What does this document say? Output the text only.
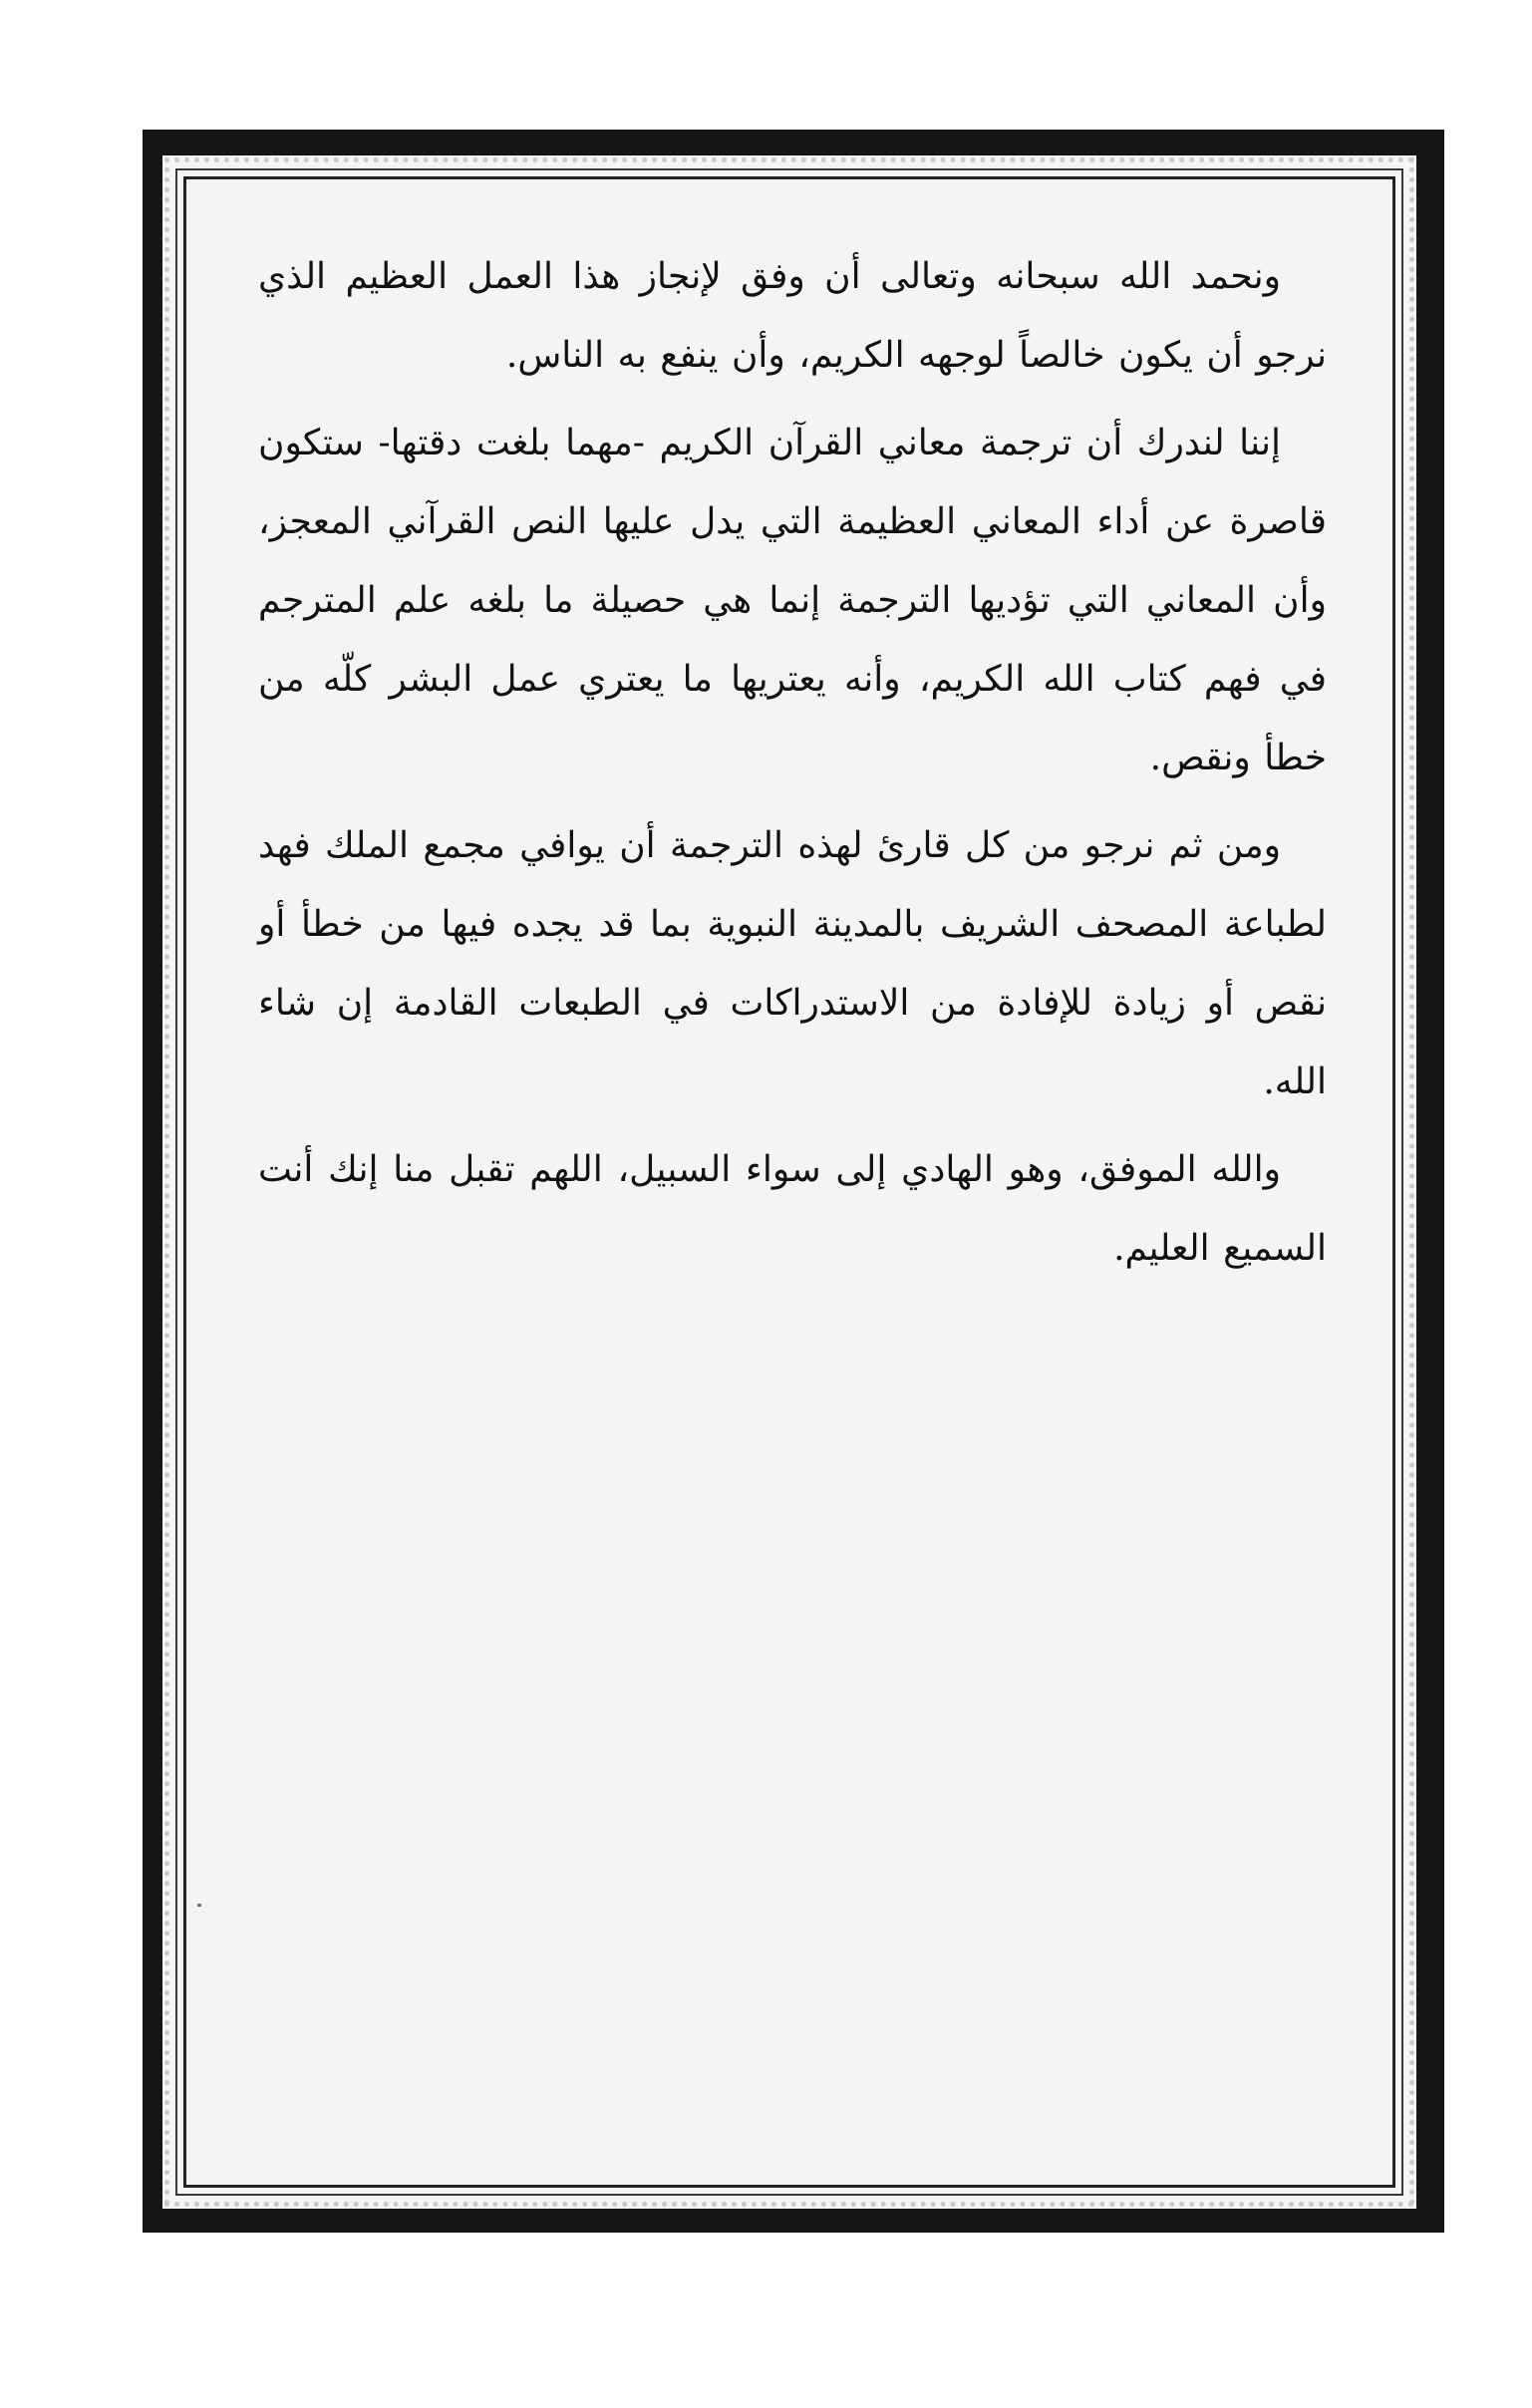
ونحمد الله سبحانه وتعالى أن وفق لإنجاز هذا العمل العظيم الذي نرجو أن يكون خالصاً لوجهه الكريم، وأن ينفع به الناس.

إننا لندرك أن ترجمة معاني القرآن الكريم -مهما بلغت دقتها- ستكون قاصرة عن أداء المعاني العظيمة التي يدل عليها النص القرآني المعجز، وأن المعاني التي تؤديها الترجمة إنما هي حصيلة ما بلغه علم المترجم في فهم كتاب الله الكريم، وأنه يعتريها ما يعتري عمل البشر كلّه من خطأ ونقص.

ومن ثم نرجو من كل قارئ لهذه الترجمة أن يوافي مجمع الملك فهد لطباعة المصحف الشريف بالمدينة النبوية بما قد يجده فيها من خطأ أو نقص أو زيادة للإفادة من الاستدراكات في الطبعات القادمة إن شاء الله.

والله الموفق، وهو الهادي إلى سواء السبيل، اللهم تقبل منا إنك أنت السميع العليم.
